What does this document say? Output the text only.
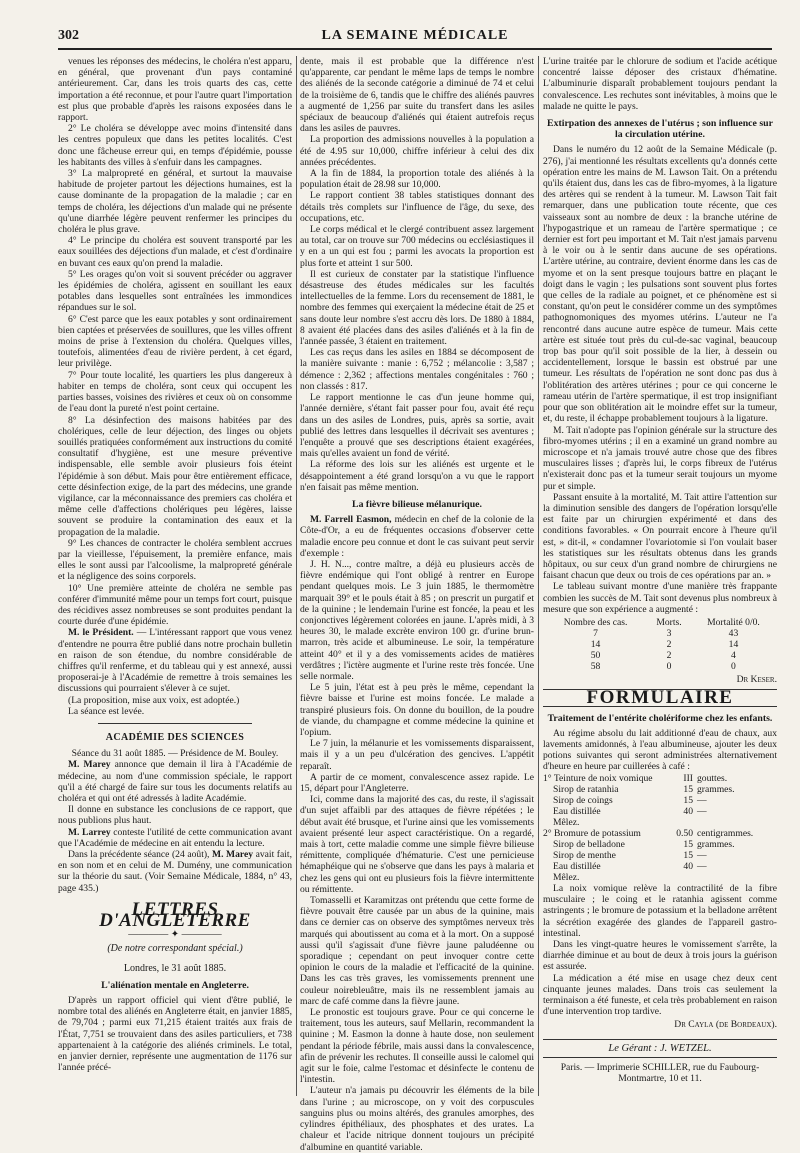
302	LA SEMAINE MÉDICALE

venues les réponses des médecins, le choléra n'est apparu, en général, que provenant d'un pays contaminé antérieurement. Car, dans les trois quarts des cas, cette importation a été reconnue, et pour l'autre quart l'importation est plus que probable d'après les raisons exposées dans le rapport.

2° Le choléra se développe avec moins d'intensité dans les centres populeux que dans les petites localités. C'est donc une fâcheuse erreur qui, en temps d'épidémie, pousse les habitants des villes à s'enfuir dans les campagnes.

3° La malpropreté en général, et surtout la mauvaise habitude de projeter partout les déjections humaines, est la cause dominante de la propagation de la maladie ; car en temps de choléra, les déjections d'un malade qui ne présente qu'une diarrhée légère peuvent renfermer les principes du choléra le plus grave.

4° Le principe du choléra est souvent transporté par les eaux souillées des déjections d'un malade, et c'est d'ordinaire en buvant ces eaux qu'on prend la maladie.

5° Les orages qu'on voit si souvent précéder ou aggraver les épidémies de choléra, agissent en souillant les eaux potables dans lesquelles sont entraînées les immondices répandues sur le sol.

6° C'est parce que les eaux potables y sont ordinairement bien captées et préservées de souillures, que les villes offrent moins de prise à l'extension du choléra. Quelques villes, toutefois, alimentées d'eau de rivière perdent, à cet égard, leur privilège.

7° Pour toute localité, les quartiers les plus dangereux à habiter en temps de choléra, sont ceux qui occupent les parties basses, voisines des rivières et ceux où on consomme de l'eau dont la pureté n'est point certaine.

8° La désinfection des maisons habitées par des cholériques, celle de leur déjection, des linges ou objets souillés pratiquées conformément aux instructions du comité consultatif d'hygiène, est une mesure préventive indispensable, elle semble avoir plusieurs fois éteint l'épidémie à son début. Mais pour être entièrement efficace, cette désinfection exige, de la part des médecins, une grande vigilance, car la méconnaissance des premiers cas choléra et même celle d'affections cholériques peu légères, laisse souvent se produire la contamination des eaux et la propagation de la maladie.

9° Les chances de contracter le choléra semblent accrues par la vieillesse, l'épuisement, la première enfance, mais elles le sont aussi par l'alcoolisme, la malpropreté générale et la négligence des soins corporels.

10° Une première atteinte de choléra ne semble pas conférer d'immunité même pour un temps fort court, puisque des récidives assez nombreuses se sont produites pendant la courte durée d'une épidémie.

M. le Président. — L'intéressant rapport que vous venez d'entendre ne pourra être publié dans notre prochain bulletin en raison de son étendue, du nombre considérable de chiffres qu'il renferme, et du tableau qui y est annexé, aussi proposerai-je à l'Académie de remettre à trois semaines les discussions qui pourraient s'élever à ce sujet.

(La proposition, mise aux voix, est adoptée.)

La séance est levée.

ACADÉMIE DES SCIENCES

Séance du 31 août 1885. — Présidence de M. Bouley.

M. Marey annonce que demain il lira à l'Académie de médecine, au nom d'une commission spéciale, le rapport qu'il a été chargé de faire sur tous les documents relatifs au choléra et qui ont été adressés à ladite Académie.

Il donne en substance les conclusions de ce rapport, que nous publions plus haut.

M. Larrey conteste l'utilité de cette communication avant que l'Académie de médecine en ait entendu la lecture.

Dans la précédente séance (24 août), M. Marey avait fait, en son nom et en celui de M. Dumény, une communication sur la théorie du saut. (Voir Semaine Médicale, 1884, n° 43, page 435.)

LETTRES D'ANGLETERRE
———— ✦ ————
(De notre correspondant spécial.)
Londres, le 31 août 1885.
L'aliénation mentale en Angleterre.

D'après un rapport officiel qui vient d'être publié, le nombre total des aliénés en Angleterre était, en janvier 1885, de 79,704 ; parmi eux 71,215 étaient traités aux frais de l'État, 7,751 se trouvaient dans des asiles particuliers, et 738 appartenaient à la catégorie des aliénés criminels. Le total, en janvier dernier, représente une augmentation de 1176 sur l'année précé-

dente, mais il est probable que la différence n'est qu'apparente, car pendant le même laps de temps le nombre des aliénés de la seconde catégorie a diminué de 74 et celui de la troisième de 6, tandis que le chiffre des aliénés pauvres a augmenté de 1,256 par suite du transfert dans les asiles spéciaux de beaucoup d'aliénés qui étaient autrefois reçus dans les asiles de pauvres.

La proportion des admissions nouvelles à la population a été de 4.95 sur 10,000, chiffre inférieur à celui des dix années précédentes.

A la fin de 1884, la proportion totale des aliénés à la population était de 28.98 sur 10,000.

Le rapport contient 38 tables statistiques donnant des détails très complets sur l'influence de l'âge, du sexe, des occupations, etc.

Le corps médical et le clergé contribuent assez largement au total, car on trouve sur 700 médecins ou ecclésiastiques il y en a un qui est fou ; parmi les avocats la proportion est plus forte et atteint 1 sur 500.

Il est curieux de constater par la statistique l'influence désastreuse des études médicales sur les facultés intellectuelles de la femme. Lors du recensement de 1881, le nombre des femmes qui exerçaient la médecine était de 25 et sans doute leur nombre s'est accru dès lors. De 1880 à 1884, 8 avaient été placées dans des asiles d'aliénés et à la fin de l'année passée, 3 étaient en traitement.

Les cas reçus dans les asiles en 1884 se décomposent de la manière suivante : manie : 6,752 ; mélancolie : 3,587 ; démence : 2,362 ; affections mentales congénitales : 760 ; non classés : 817.

Le rapport mentionne le cas d'un jeune homme qui, l'année dernière, s'étant fait passer pour fou, avait été reçu dans un des asiles de Londres, puis, après sa sortie, avait publié des lettres dans lesquelles il décrivait ses aventures ; l'enquête a prouvé que ses descriptions étaient exagérées, mais qu'elles avaient un fond de vérité.

La réforme des lois sur les aliénés est urgente et le désappointement a été grand lorsqu'on a vu que le rapport n'en faisait pas même mention.

La fièvre bilieuse mélanurique.

M. Farrell Easmon, médecin en chef de la colonie de la Côte-d'Or, a eu de fréquentes occasions d'observer cette maladie encore peu connue et dont le cas suivant peut servir d'exemple :

J. H. N..., contre maître, a déjà eu plusieurs accès de fièvre endémique qui l'ont obligé à rentrer en Europe pendant quelques mois. Le 3 juin 1885, le thermomètre marquait 39° et le pouls était à 85 ; on prescrit un purgatif et de la quinine ; le lendemain l'urine est foncée, la peau et les conjonctives légèrement colorées en jaune. L'après midi, à 3 heures 30, le malade excrète environ 100 gr. d'urine brun-marron, très acide et albumineuse. Le soir, la température atteint 40° et il y a des vomissements acides de matières verdâtres ; l'ictère augmente et l'urine reste très foncée. Une selle normale.

Le 5 juin, l'état est à peu près le même, cependant la fièvre baisse et l'urine est moins foncée. Le malade a transpiré plusieurs fois. On donne du bouillon, de la poudre de viande, du champagne et comme médecine la quinine et l'opium.

Le 7 juin, la mélanurie et les vomissements disparaissent, mais il y a un peu d'ulcération des gencives. L'appétit reparaît.

A partir de ce moment, convalescence assez rapide. Le 15, départ pour l'Angleterre.

Ici, comme dans la majorité des cas, du reste, il s'agissait d'un sujet affaibli par des attaques de fièvre répétées ; le début avait été brusque, et l'urine ainsi que les vomissements avaient présenté leur aspect caractéristique. On a regardé, mais à tort, cette maladie comme une simple fièvre bilieuse rémittente, compliquée d'hématurie. C'est une pernicieuse hémaphéique qui ne s'observe que dans les pays à malaria et chez les gens qui ont eu plusieurs fois la fièvre intermittente ou rémittente.

Tomasselli et Karamitzas ont prétendu que cette forme de fièvre pouvait être causée par un abus de la quinine, mais dans ce dernier cas on observe des symptômes nerveux très marqués qui aboutissent au coma et à la mort. On a supposé aussi qu'il s'agissait d'une fièvre jaune paludéenne ou sporadique ; cependant on peut invoquer contre cette opinion le cours de la maladie et l'efficacité de la quinine. Dans les cas très graves, les vomissements prennent une couleur noirebleuâtre, mais ils ne ressemblent jamais au marc de café comme dans la fièvre jaune.

Le pronostic est toujours grave. Pour ce qui concerne le traitement, tous les auteurs, sauf Mellarin, recommandent la quinine ; M. Easmon la donne à haute dose, non seulement pendant la période fébrile, mais aussi dans la convalescence, afin de prévenir les rechutes. Il conseille aussi le calomel qui agit sur le foie, calme l'estomac et désinfecte le contenu de l'intestin.

L'auteur n'a jamais pu découvrir les éléments de la bile dans l'urine ; au microscope, on y voit des corpuscules sanguins plus ou moins altérés, des granules amorphes, des cylindres épithéliaux, des phosphates et des urates. La chaleur et l'acide nitrique donnent toujours un précipité d'albumine en quantité variable.

L'urine traitée par le chlorure de sodium et l'acide acétique concentré laisse déposer des cristaux d'hématine. L'albuminurie disparaît probablement toujours pendant la convalescence. Les rechutes sont inévitables, à moins que le malade ne quitte le pays.

Extirpation des annexes de l'utérus ; son influence sur la circulation utérine.

Dans le numéro du 12 août de la Semaine Médicale (p. 276), j'ai mentionné les résultats excellents qu'a donnés cette opération entre les mains de M. Lawson Tait. On a prétendu qu'ils étaient dus, dans les cas de fibro-myomes, à la ligature des artères qui se rendent à la tumeur. M. Lawson Tait fait remarquer, dans une publication toute récente, que ces vaisseaux sont au nombre de deux : la branche utérine de l'hypogastrique et un rameau de l'artère spermatique ; ce dernier est fort peu important et M. Tait n'est jamais parvenu à le voir ou à le sentir dans aucune de ses opérations. L'artère utérine, au contraire, devient énorme dans les cas de myome et on la sent presque toujours battre en plaçant le doigt dans le vagin ; les pulsations sont souvent plus fortes que celles de la radiale au poignet, et ce phénomène est si constant, qu'on peut le considérer comme un des symptômes pathognomoniques des myomes utérins. L'auteur ne l'a rencontré dans aucune autre espèce de tumeur. Mais cette artère est située tout près du cul-de-sac vaginal, beaucoup trop bas pour qu'il soit possible de la lier, à dessein ou accidentellement, lorsque le bassin est obstrué par une tumeur. Les résultats de l'opération ne sont donc pas dus à l'oblitération des artères utérines ; pour ce qui concerne le rameau utérin de l'artère spermatique, il est trop insignifiant pour que son oblitération ait le moindre effet sur la tumeur, et, du reste, il échappe probablement toujours à la ligature.

M. Tait n'adopte pas l'opinion générale sur la structure des fibro-myomes utérins ; il en a examiné un grand nombre au microscope et n'a jamais trouvé autre chose que des fibres musculaires lisses ; d'après lui, le corps fibreux de l'utérus n'existerait donc pas et la tumeur serait toujours un myome pur et simple.

Passant ensuite à la mortalité, M. Tait attire l'attention sur la diminution sensible des dangers de l'opération lorsqu'elle est faite par un chirurgien expérimenté et dans des conditions favorables. « On pourrait encore à l'heure qu'il est, » dit-il, « condamner l'ovariotomie si l'on voulait baser les statistiques sur les résultats obtenus dans les grands hôpitaux, ou sur ceux d'un grand nombre de chirurgiens ne faisant chacun que deux ou trois de ces opérations par an. »

Le tableau suivant montre d'une manière très frappante combien les succès de M. Tait sont devenus plus nombreux à mesure que son expérience a augmenté :

Nombre des cas.	Morts.	Mortalité 0/0.
7	3	43
14	2	14
50	2	4
58	0	0
Dr Keser.
FORMULAIRE
Traitement de l'entérite cholériforme chez les enfants.

Au régime absolu du lait additionné d'eau de chaux, aux lavements amidonnés, à l'eau albumineuse, ajouter les deux potions suivantes qui seront administrées alternativement d'heure en heure par cuillerées à café :

1° Teinture de noix vomique	III	gouttes.
Sirop de ratanhia	15	grammes.
Sirop de coings	15	—
Eau distillée	40	—

Mêlez.

2° Bromure de potassium	0.50	centigrammes.
Sirop de belladone	15	grammes.
Sirop de menthe	15	—
Eau distillée	40	—

Mêlez.

La noix vomique relève la contractilité de la fibre musculaire ; le coing et le ratanhia agissent comme astringents ; le bromure de potassium et la belladone arrêtent la sécrétion exagérée des glandes de l'appareil gastro-intestinal.

Dans les vingt-quatre heures le vomissement s'arrête, la diarrhée diminue et au bout de deux à trois jours la guérison est assurée.

La médication a été mise en usage chez deux cent cinquante jeunes malades. Dans trois cas seulement la terminaison a été funeste, et cela très probablement en raison d'une intervention trop tardive.

Dr Cayla (de Bordeaux).
Le Gérant : J. WETZEL.
Paris. — Imprimerie SCHILLER, rue du Faubourg-Montmartre, 10 et 11.
